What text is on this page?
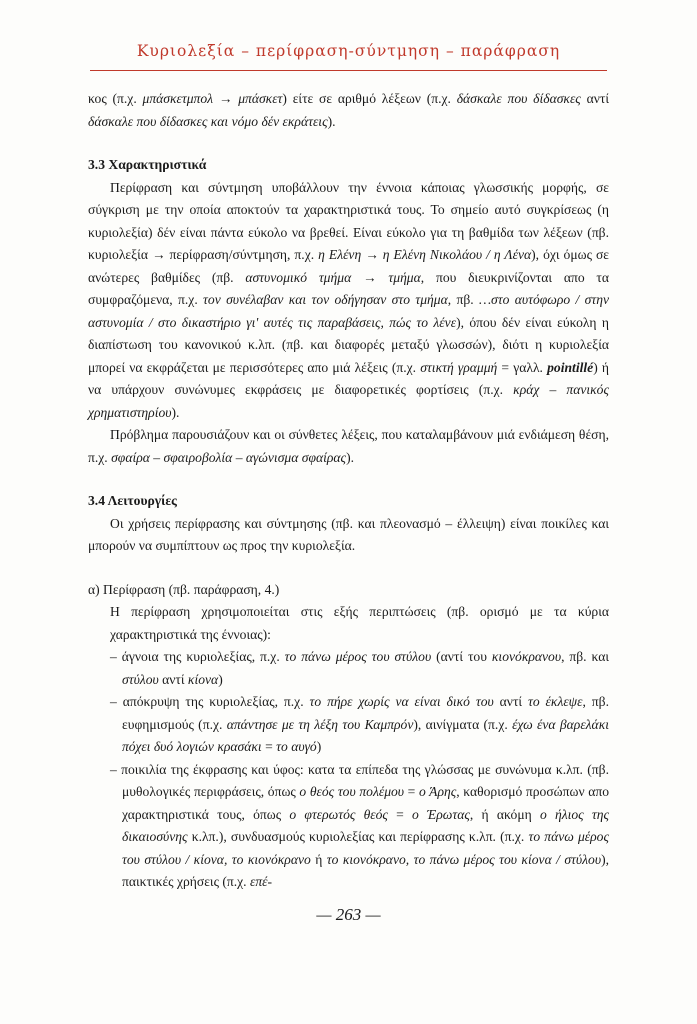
Κυριολεξία – περίφραση-σύντμηση – παράφραση

κος (π.χ. μπάσκετμπολ → μπάσκετ) είτε σε αριθμό λέξεων (π.χ. δάσκαλε που δίδασκες αντί δάσκαλε που δίδασκες και νόμο δέν εκράτεις).

3.3 Χαρακτηριστικά

Περίφραση και σύντμηση υποβάλλουν την έννοια κάποιας γλωσσικής μορφής, σε σύγκριση με την οποία αποκτούν τα χαρακτηριστικά τους. Το σημείο αυτό συγκρίσεως (η κυριολεξία) δέν είναι πάντα εύκολο να βρεθεί. Είναι εύκολο για τη βαθμίδα των λέξεων (πβ. κυριολεξία → περίφραση/σύντμηση, π.χ. η Ελένη → η Ελένη Νικολάου / η Λένα), όχι όμως σε ανώτερες βαθμίδες (πβ. αστυνομικό τμήμα → τμήμα, που διευκρινίζονται απο τα συμφραζόμενα, π.χ. τον συνέλαβαν και τον οδήγησαν στο τμήμα, πβ. …στο αυτόφωρο / στην αστυνομία / στο δικαστήριο γι' αυτές τις παραβάσεις, πώς το λένε), όπου δέν είναι εύκολη η διαπίστωση του κανονικού κ.λπ. (πβ. και διαφορές μεταξύ γλωσσών), διότι η κυριολεξία μπορεί να εκφράζεται με περισσότερες απο μιά λέξεις (π.χ. στικτή γραμμή = γαλλ. pointillé) ή να υπάρχουν συνώνυμες εκφράσεις με διαφορετικές φορτίσεις (π.χ. κράχ – πανικός χρηματιστηρίου).

Πρόβλημα παρουσιάζουν και οι σύνθετες λέξεις, που καταλαμβάνουν μιά ενδιάμεση θέση, π.χ. σφαίρα – σφαιροβολία – αγώνισμα σφαίρας).

3.4 Λειτουργίες

Οι χρήσεις περίφρασης και σύντμησης (πβ. και πλεονασμό – έλλειψη) είναι ποικίλες και μπορούν να συμπίπτουν ως προς την κυριολεξία.

α) Περίφραση (πβ. παράφραση, 4.)

Η περίφραση χρησιμοποιείται στις εξής περιπτώσεις (πβ. ορισμό με τα κύρια χαρακτηριστικά της έννοιας):

– άγνοια της κυριολεξίας, π.χ. το πάνω μέρος του στύλου (αντί του κιονόκρανου, πβ. και στύλου αντί κίονα)

– απόκρυψη της κυριολεξίας, π.χ. το πήρε χωρίς να είναι δικό του αντί το έκλεψε, πβ. ευφημισμούς (π.χ. απάντησε με τη λέξη του Καμπρόν), αινίγματα (π.χ. έχω ένα βαρελάκι πόχει δυό λογιών κρασάκι = το αυγό)

– ποικιλία της έκφρασης και ύφος: κατα τα επίπεδα της γλώσσας με συνώνυμα κ.λπ. (πβ. μυθολογικές περιφράσεις, όπως ο θεός του πολέμου = ο Άρης, καθορισμό προσώπων απο χαρακτηριστικά τους, όπως ο φτερωτός θεός = ο Έρωτας, ή ακόμη ο ήλιος της δικαιοσύνης κ.λπ.), συνδυασμούς κυριολεξίας και περίφρασης κ.λπ. (π.χ. το πάνω μέρος του στύλου / κίονα, το κιονόκρανο ή το κιονόκρανο, το πάνω μέρος του κίονα / στύλου), παικτικές χρήσεις (π.χ. επέ-

— 263 —
